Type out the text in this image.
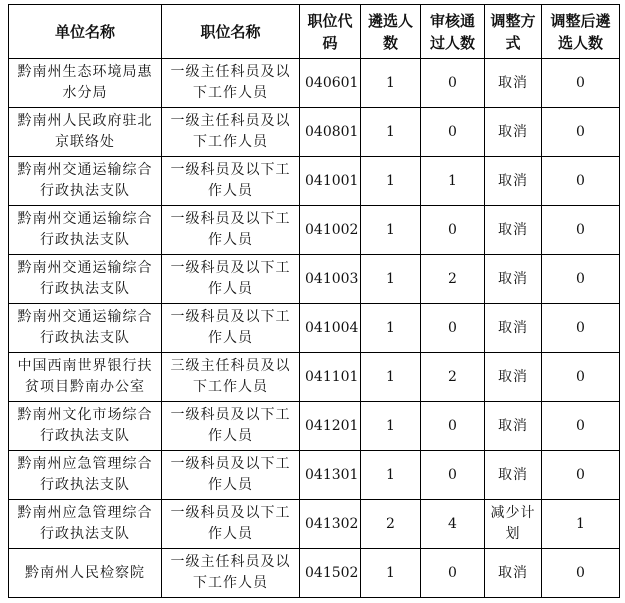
单位名称	职位名称	职位代码	遴选人数	审核通过人数	调整方式	调整后遴选人数
黔南州生态环境局惠水分局	一级主任科员及以下工作人员	040601	1	0	取消	0
黔南州人民政府驻北京联络处	一级主任科员及以下工作人员	040801	1	0	取消	0
黔南州交通运输综合行政执法支队	一级科员及以下工作人员	041001	1	1	取消	0
黔南州交通运输综合行政执法支队	一级科员及以下工作人员	041002	1	0	取消	0
黔南州交通运输综合行政执法支队	一级科员及以下工作人员	041003	1	2	取消	0
黔南州交通运输综合行政执法支队	一级科员及以下工作人员	041004	1	0	取消	0
中国西南世界银行扶贫项目黔南办公室	三级主任科员及以下工作人员	041101	1	2	取消	0
黔南州文化市场综合行政执法支队	一级科员及以下工作人员	041201	1	0	取消	0
黔南州应急管理综合行政执法支队	一级科员及以下工作人员	041301	1	0	取消	0
黔南州应急管理综合行政执法支队	一级科员及以下工作人员	041302	2	4	减少计划	1
黔南州人民检察院	一级主任科员及以下工作人员	041502	1	0	取消	0
